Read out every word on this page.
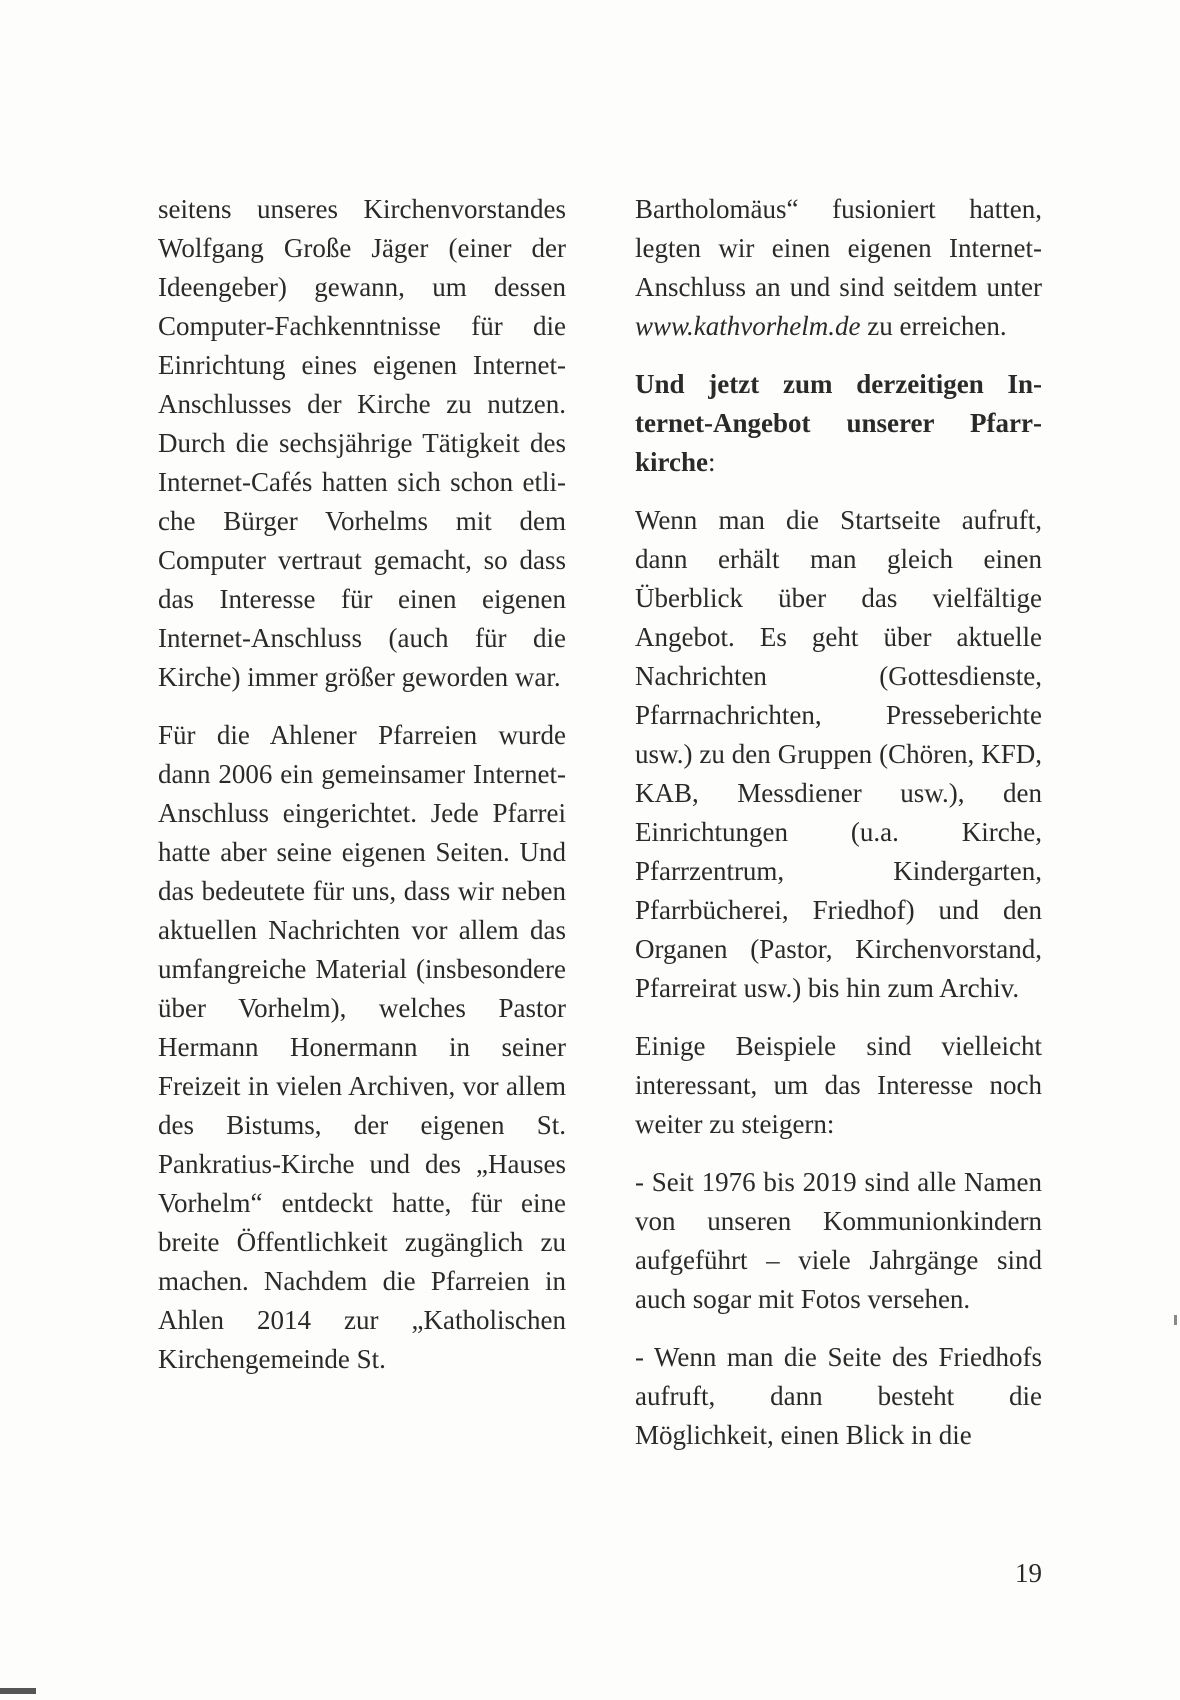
seitens unseres Kirchenvorstandes Wolfgang Große Jäger (einer der Ideengeber) gewann, um dessen Computer-Fachkenntnisse für die Einrichtung eines eigenen Internet-Anschlusses der Kirche zu nutzen. Durch die sechsjährige Tätigkeit des Internet-Cafés hatten sich schon etliche Bürger Vorhelms mit dem Computer vertraut gemacht, so dass das Interesse für einen eigenen Internet-Anschluss (auch für die Kirche) immer größer geworden war.

Für die Ahlener Pfarreien wurde dann 2006 ein gemeinsamer Internet-Anschluss eingerichtet. Jede Pfarrei hatte aber seine eigenen Seiten. Und das bedeutete für uns, dass wir neben aktuellen Nachrichten vor allem das umfangreiche Material (insbesondere über Vorhelm), welches Pastor Hermann Honermann in seiner Freizeit in vielen Archiven, vor allem des Bistums, der eigenen St. Pankratius-Kirche und des „Hauses Vorhelm“ entdeckt hatte, für eine breite Öffentlichkeit zugänglich zu machen. Nachdem die Pfarreien in Ahlen 2014 zur „Katholischen Kirchengemeinde St.

Bartholomäus“ fusioniert hatten, legten wir einen eigenen Internet-Anschluss an und sind seitdem unter www.kathvorhelm.de zu erreichen.

Und jetzt zum derzeitigen Internet-Angebot unserer Pfarrkirche:

Wenn man die Startseite aufruft, dann erhält man gleich einen Überblick über das vielfältige Angebot. Es geht über aktuelle Nachrichten (Gottesdienste, Pfarrnachrichten, Presseberichte usw.) zu den Gruppen (Chören, KFD, KAB, Messdiener usw.), den Einrichtungen (u.a. Kirche, Pfarrzentrum, Kindergarten, Pfarrbücherei, Friedhof) und den Organen (Pastor, Kirchenvorstand, Pfarreirat usw.) bis hin zum Archiv.

Einige Beispiele sind vielleicht interessant, um das Interesse noch weiter zu steigern:

- Seit 1976 bis 2019 sind alle Namen von unseren Kommunionkindern aufgeführt – viele Jahrgänge sind auch sogar mit Fotos versehen.

- Wenn man die Seite des Friedhofs aufruft, dann besteht die Möglichkeit, einen Blick in die

19
